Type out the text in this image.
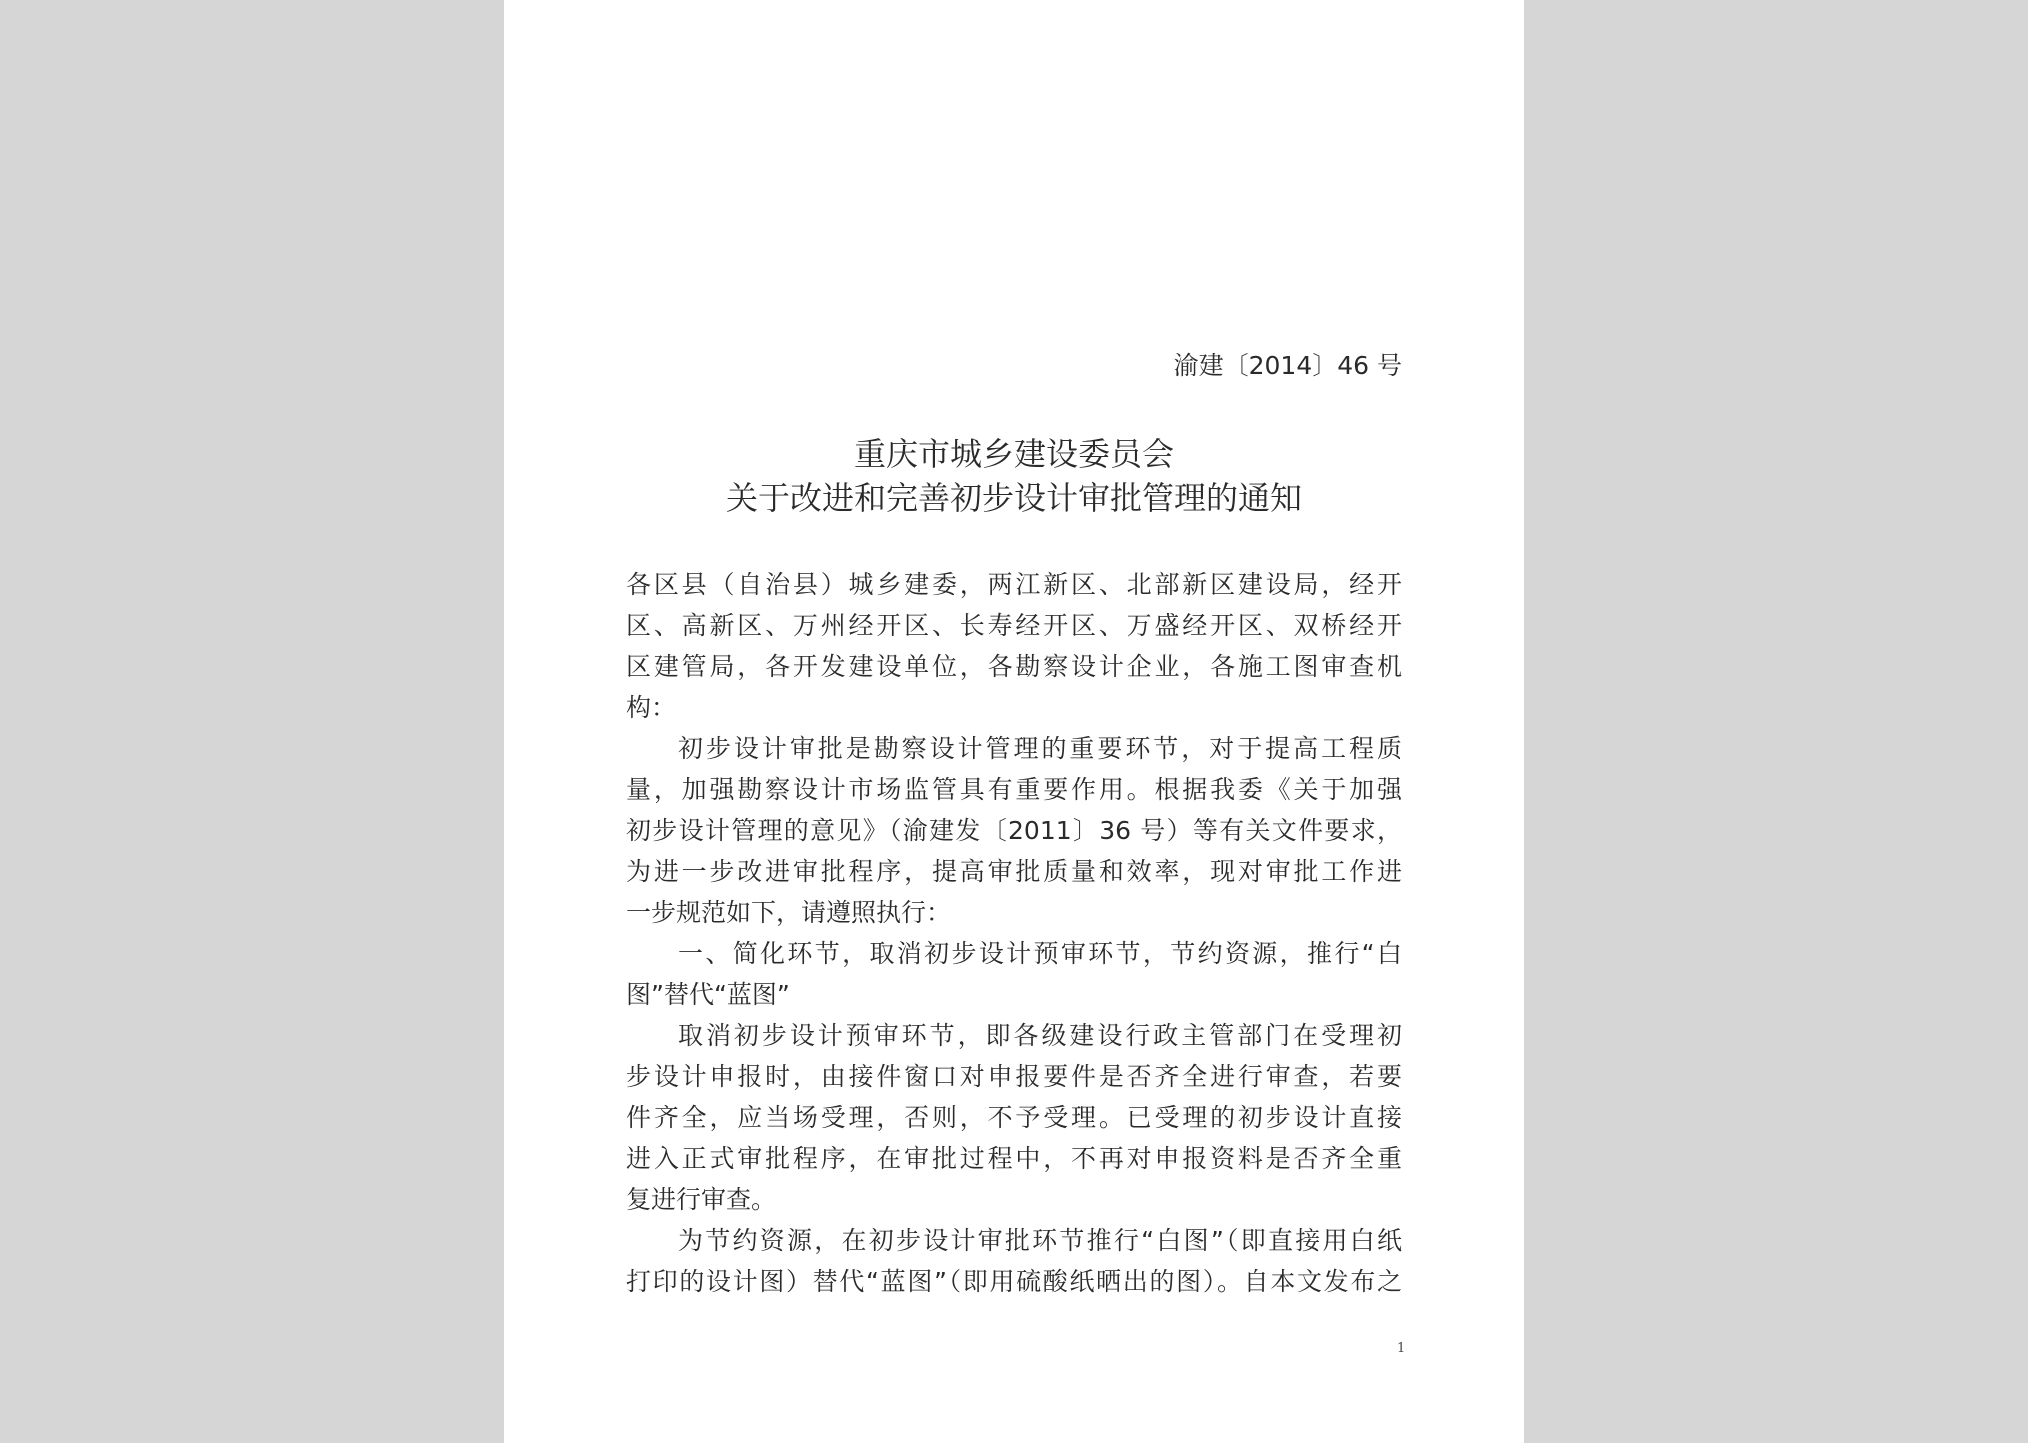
渝建〔2014〕46 号
重庆市城乡建设委员会
关于改进和完善初步设计审批管理的通知
各区县（自治县）城乡建委，两江新区、北部新区建设局，经开
区、高新区、万州经开区、长寿经开区、万盛经开区、双桥经开
区建管局，各开发建设单位，各勘察设计企业，各施工图审查机
构：
初步设计审批是勘察设计管理的重要环节，对于提高工程质
量，加强勘察设计市场监管具有重要作用。根据我委《关于加强
初步设计管理的意见》（渝建发〔2011〕36 号）等有关文件要求，
为进一步改进审批程序，提高审批质量和效率，现对审批工作进
一步规范如下，请遵照执行：
一、简化环节，取消初步设计预审环节，节约资源，推行“白
图”替代“蓝图”
取消初步设计预审环节，即各级建设行政主管部门在受理初
步设计申报时，由接件窗口对申报要件是否齐全进行审查，若要
件齐全，应当场受理，否则，不予受理。已受理的初步设计直接
进入正式审批程序，在审批过程中，不再对申报资料是否齐全重
复进行审查。
为节约资源，在初步设计审批环节推行“白图”（即直接用白纸
打印的设计图）替代“蓝图”（即用硫酸纸晒出的图）。自本文发布之
1
